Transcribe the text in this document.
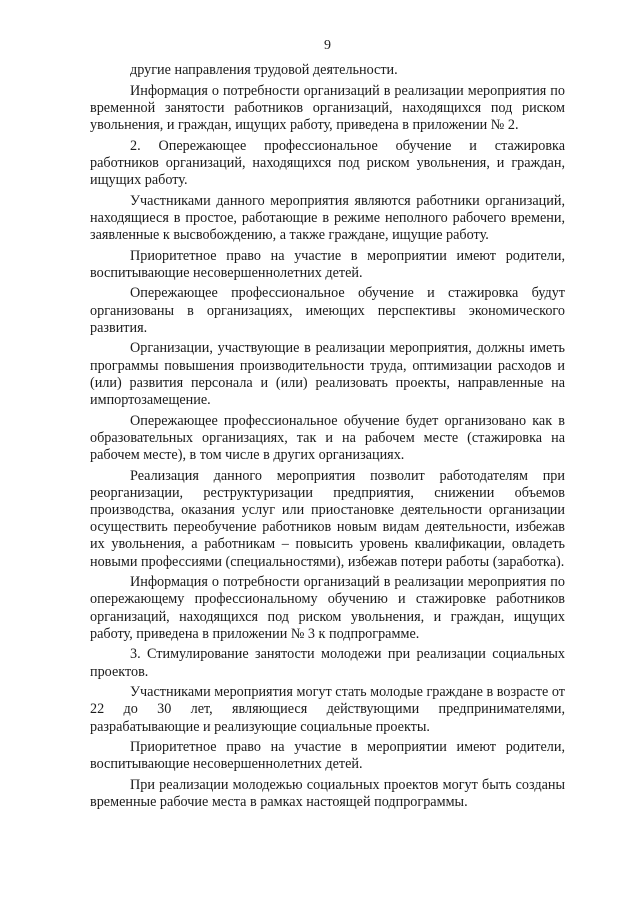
9

другие направления трудовой деятельности.

Информация о потребности организаций в реализации мероприятия по временной занятости работников организаций, находящихся под риском увольнения, и граждан, ищущих работу, приведена в приложении № 2.

2. Опережающее профессиональное обучение и стажировка работников организаций, находящихся под риском увольнения, и граждан, ищущих работу.

Участниками данного мероприятия являются работники организаций, находящиеся в простое, работающие в режиме неполного рабочего времени, заявленные к высвобождению, а также граждане, ищущие работу.

Приоритетное право на участие в мероприятии имеют родители, воспитывающие несовершеннолетних детей.

Опережающее профессиональное обучение и стажировка будут организованы в организациях, имеющих перспективы экономического развития.

Организации, участвующие в реализации мероприятия, должны иметь программы повышения производительности труда, оптимизации расходов и (или) развития персонала и (или) реализовать проекты, направленные на импортозамещение.

Опережающее профессиональное обучение будет организовано как в образовательных организациях, так и на рабочем месте (стажировка на рабочем месте), в том числе в других организациях.

Реализация данного мероприятия позволит работодателям при реорганизации, реструктуризации предприятия, снижении объемов производства, оказания услуг или приостановке деятельности организации осуществить переобучение работников новым видам деятельности, избежав их увольнения, а работникам – повысить уровень квалификации, овладеть новыми профессиями (специальностями), избежав потери работы (заработка).

Информация о потребности организаций в реализации мероприятия по опережающему профессиональному обучению и стажировке работников организаций, находящихся под риском увольнения, и граждан, ищущих работу, приведена в приложении № 3 к подпрограмме.

3. Стимулирование занятости молодежи при реализации социальных проектов.

Участниками мероприятия могут стать молодые граждане в возрасте от 22 до 30 лет, являющиеся действующими предпринимателями, разрабатывающие и реализующие социальные проекты.

Приоритетное право на участие в мероприятии имеют родители, воспитывающие несовершеннолетних детей.

При реализации молодежью социальных проектов могут быть созданы временные рабочие места в рамках настоящей подпрограммы.
